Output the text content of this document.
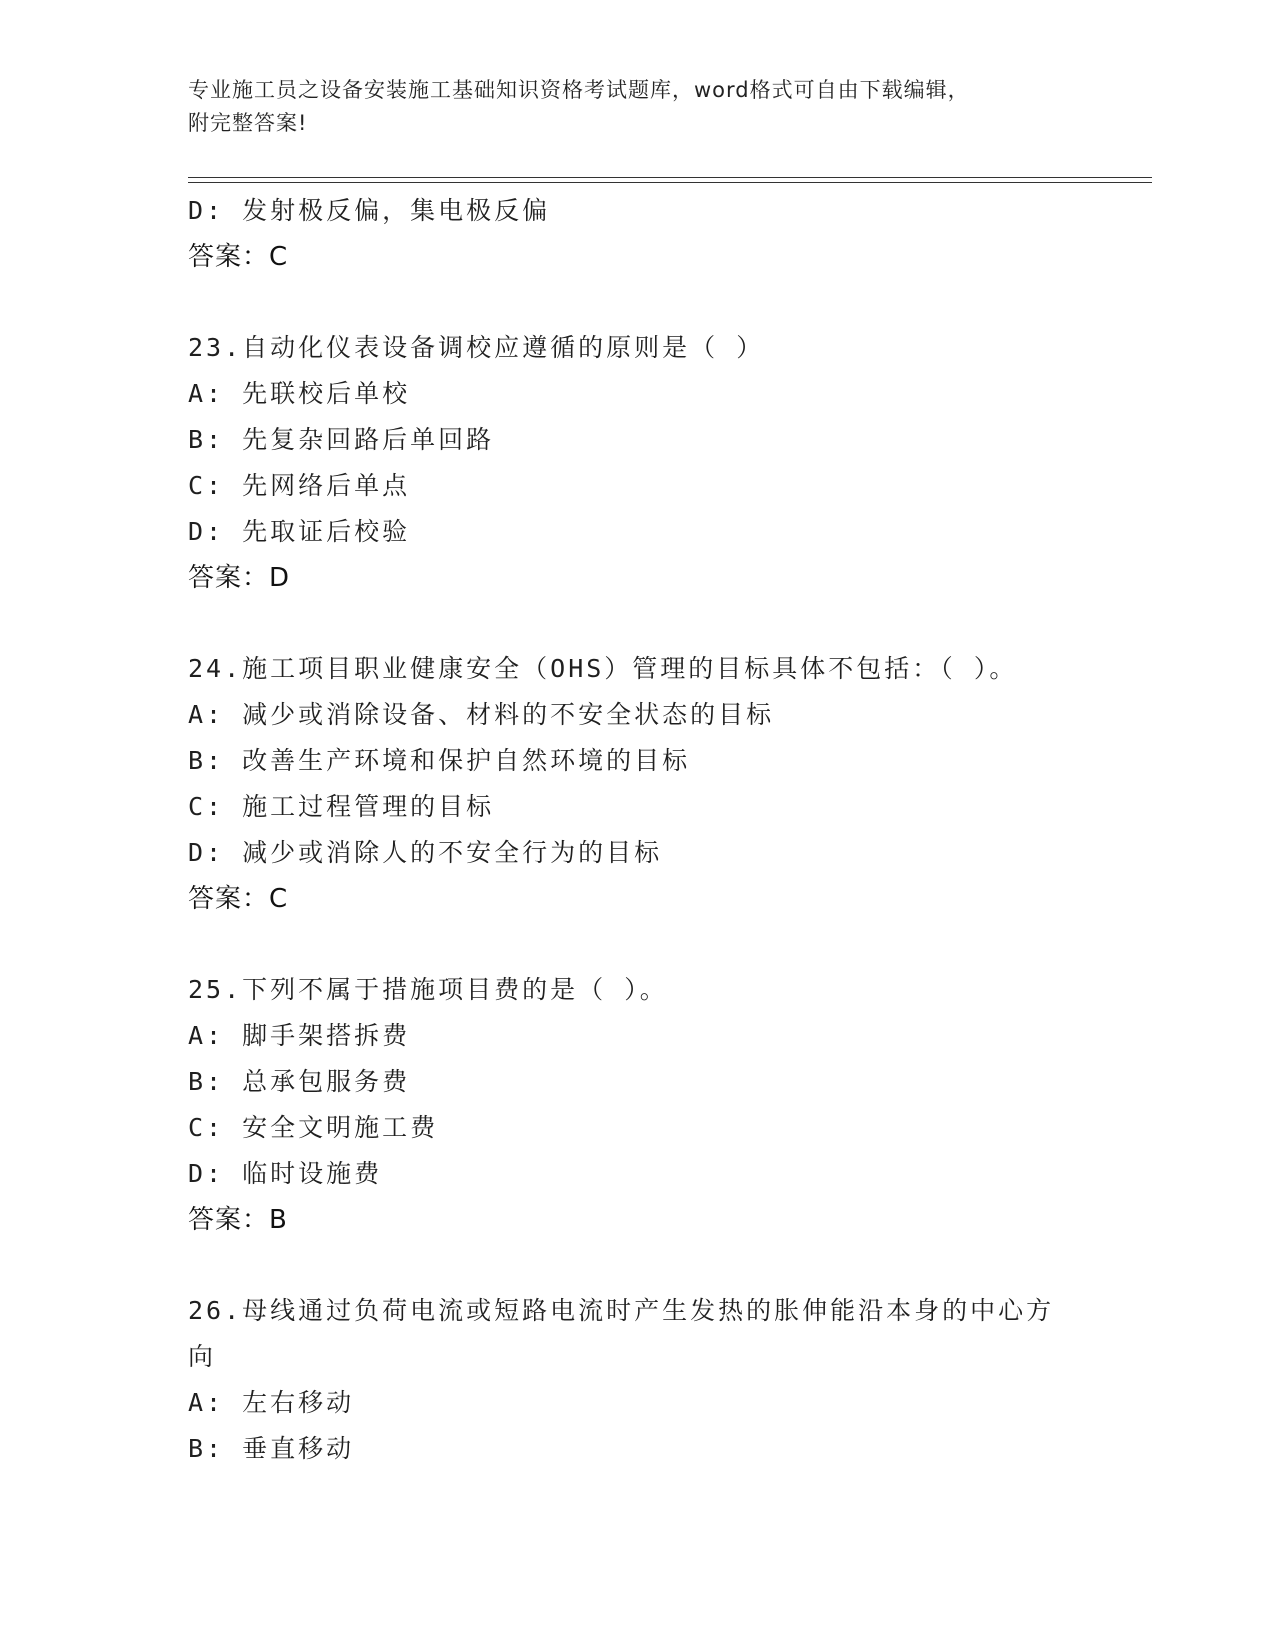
专业施工员之设备安装施工基础知识资格考试题库，word格式可自由下载编辑，
附完整答案!
D: 发射极反偏，集电极反偏
答案：C
23.自动化仪表设备调校应遵循的原则是（ ）
A: 先联校后单校
B: 先复杂回路后单回路
C: 先网络后单点
D: 先取证后校验
答案：D
24.施工项目职业健康安全（OHS）管理的目标具体不包括：（ ）。
A: 减少或消除设备、材料的不安全状态的目标
B: 改善生产环境和保护自然环境的目标
C: 施工过程管理的目标
D: 减少或消除人的不安全行为的目标
答案：C
25.下列不属于措施项目费的是（ ）。
A: 脚手架搭拆费
B: 总承包服务费
C: 安全文明施工费
D: 临时设施费
答案：B
26.母线通过负荷电流或短路电流时产生发热的胀伸能沿本身的中心方
向
A: 左右移动
B: 垂直移动
